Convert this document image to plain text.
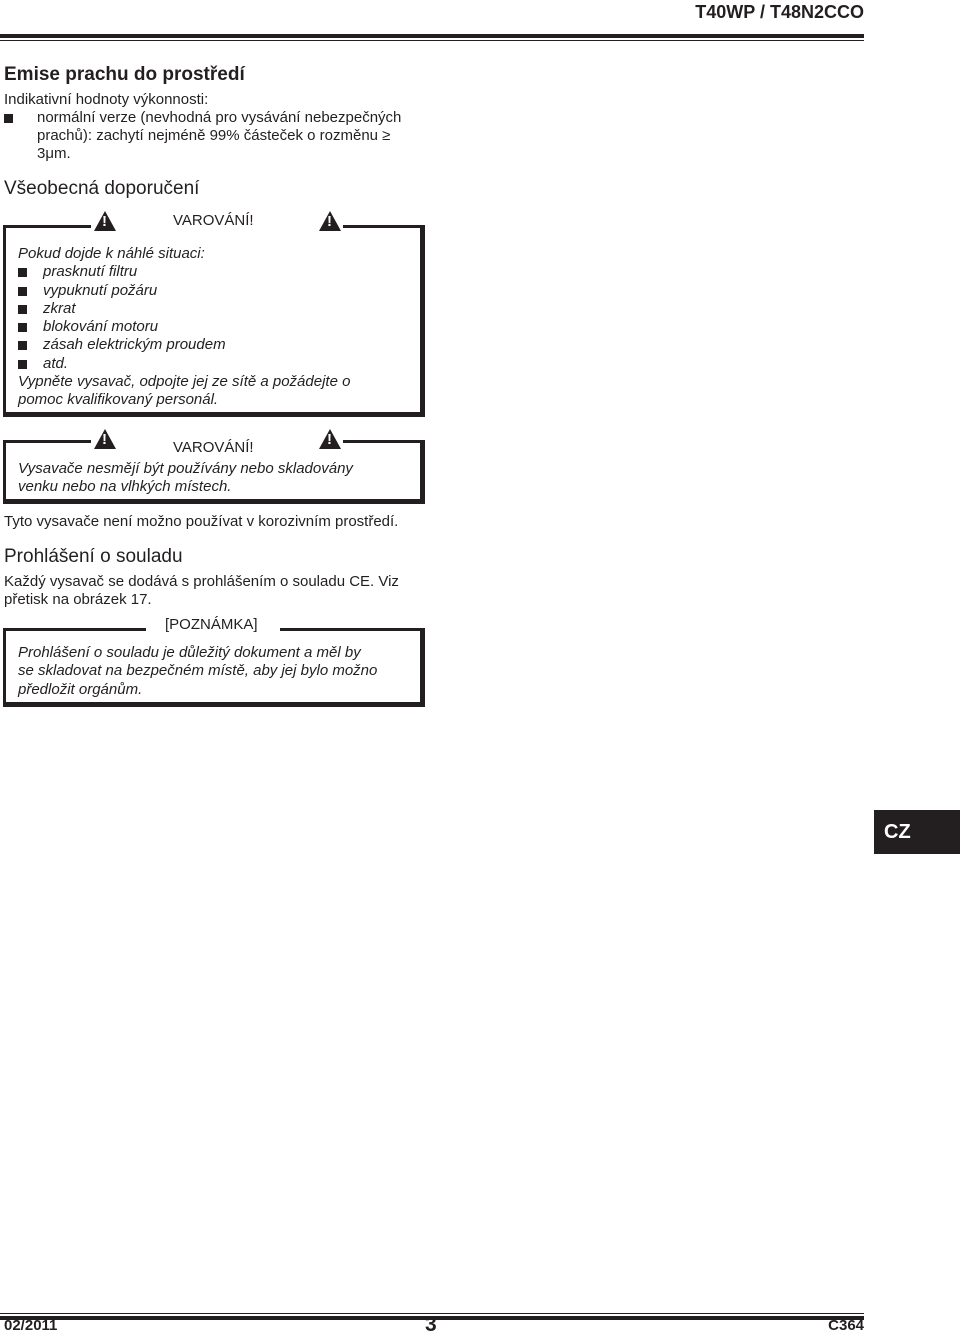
T40WP / T48N2CCO
Emise prachu do prostředí
Indikativní hodnoty výkonnosti:
normální verze (nevhodná pro vysávání nebezpečných
prachů): zachytí nejméně 99% částeček o rozměnu ≥
3μm.
Všeobecná doporučení
!	VAROVÁNÍ!	!
Pokud dojde k náhlé situaci:
prasknutí filtru
vypuknutí požáru
zkrat
blokování motoru
zásah elektrickým proudem
atd.
Vypněte vysavač, odpojte jej ze sítě a požádejte o
pomoc kvalifikovaný personál.
!	VAROVÁNÍ!	!
Vysavače nesmějí být používány nebo skladovány
venku nebo na vlhkých místech.
Tyto vysavače není možno používat v korozivním prostředí.
Prohlášení o souladu
Každý vysavač se dodává s prohlášením o souladu CE. Viz
přetisk na obrázek 17.
[POZNÁMKA]
Prohlášení o souladu je důležitý dokument a měl by
se skladovat na bezpečném místě, aby jej bylo možno
předložit orgánům.
CZ
02/2011	3	C364
